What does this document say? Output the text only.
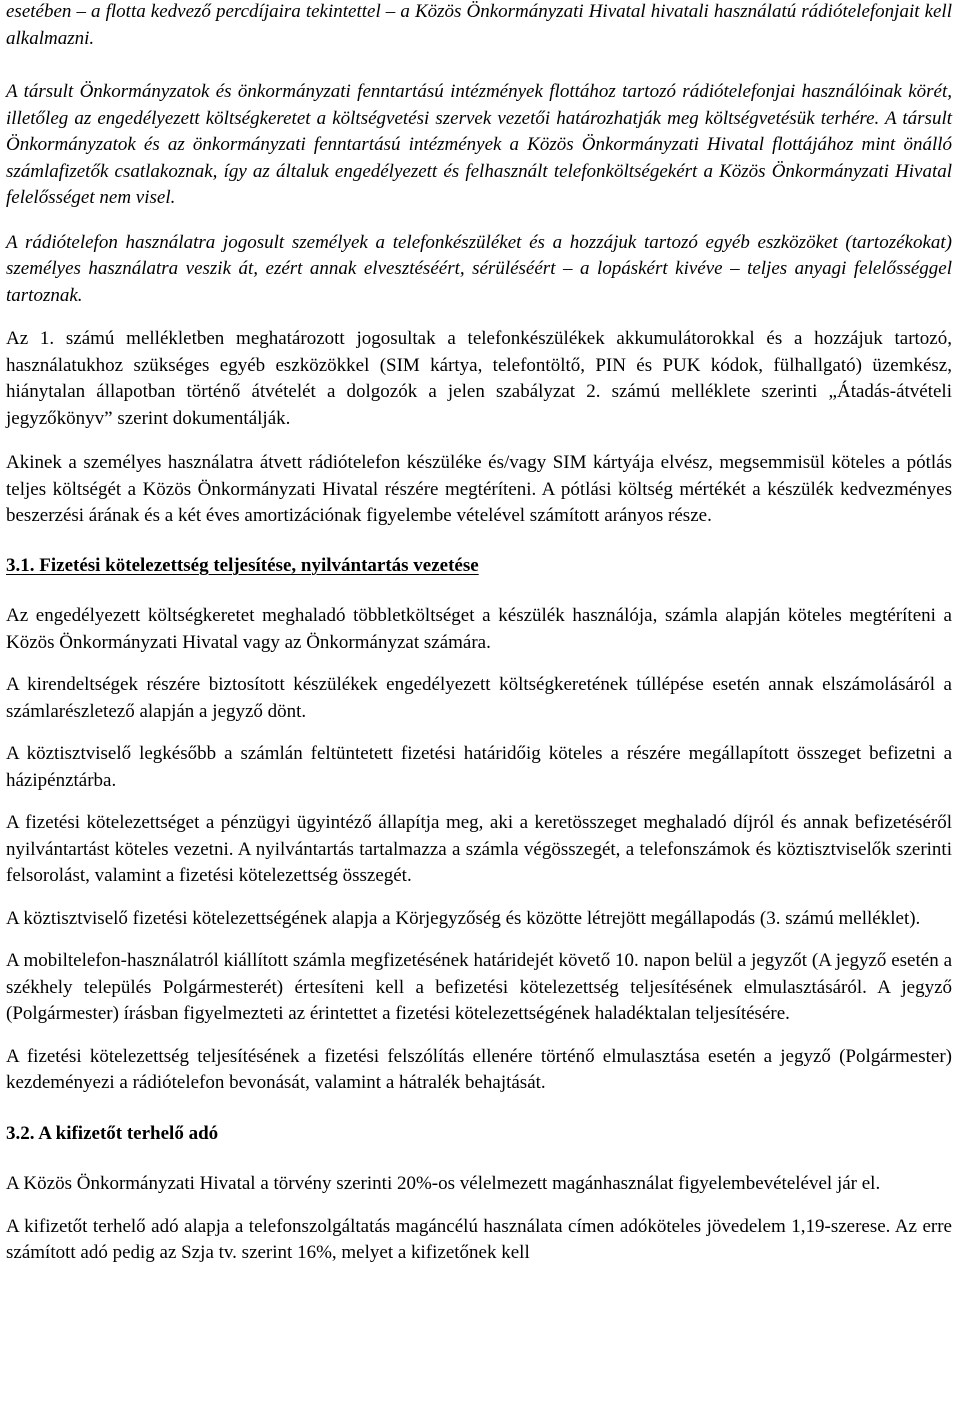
esetében – a flotta kedvező percdíjaira tekintettel – a Közös Önkormányzati Hivatal hivatali használatú rádiótelefonjait kell alkalmazni.

A társult Önkormányzatok és önkormányzati fenntartású intézmények flottához tartozó rádiótelefonjai használóinak körét, illetőleg az engedélyezett költségkeretet a költségvetési szervek vezetői határozhatják meg költségvetésük terhére. A társult Önkormányzatok és az önkormányzati fenntartású intézmények a Közös Önkormányzati Hivatal flottájához mint önálló számlafizetők csatlakoznak, így az általuk engedélyezett és felhasznált telefonköltségekért a Közös Önkormányzati Hivatal felelősséget nem visel.

A rádiótelefon használatra jogosult személyek a telefonkészüléket és a hozzájuk tartozó egyéb eszközöket (tartozékokat) személyes használatra veszik át, ezért annak elvesztéséért, sérüléséért – a lopáskért kivéve – teljes anyagi felelősséggel tartoznak.

Az 1. számú mellékletben meghatározott jogosultak a telefonkészülékek akkumulátorokkal és a hozzájuk tartozó, használatukhoz szükséges egyéb eszközökkel (SIM kártya, telefontöltő, PIN és PUK kódok, fülhallgató) üzemkész, hiánytalan állapotban történő átvételét a dolgozók a jelen szabályzat 2. számú melléklete szerinti „Átadás-átvételi jegyzőkönyv” szerint dokumentálják.

Akinek a személyes használatra átvett rádiótelefon készüléke és/vagy SIM kártyája elvész, megsemmisül köteles a pótlás teljes költségét a Közös Önkormányzati Hivatal részére megtéríteni. A pótlási költség mértékét a készülék kedvezményes beszerzési árának és a két éves amortizációnak figyelembe vételével számított arányos része.

3.1. Fizetési kötelezettség teljesítése, nyilvántartás vezetése

Az engedélyezett költségkeretet meghaladó többletköltséget a készülék használója, számla alapján köteles megtéríteni a Közös Önkormányzati Hivatal vagy az Önkormányzat számára.

A kirendeltségek részére biztosított készülékek engedélyezett költségkeretének túllépése esetén annak elszámolásáról a számlarészletező alapján a jegyző dönt.

A köztisztviselő legkésőbb a számlán feltüntetett fizetési határidőig köteles a részére megállapított összeget befizetni a házipénztárba.

A fizetési kötelezettséget a pénzügyi ügyintéző állapítja meg, aki a keretösszeget meghaladó díjról és annak befizetéséről nyilvántartást köteles vezetni. A nyilvántartás tartalmazza a számla végösszegét, a telefonszámok és köztisztviselők szerinti felsorolást, valamint a fizetési kötelezettség összegét.

A köztisztviselő fizetési kötelezettségének alapja a Körjegyzőség és közötte létrejött megállapodás (3. számú melléklet).

A mobiltelefon-használatról kiállított számla megfizetésének határidejét követő 10. napon belül a jegyzőt (A jegyző esetén a székhely település Polgármesterét) értesíteni kell a befizetési kötelezettség teljesítésének elmulasztásáról. A jegyző (Polgármester) írásban figyelmezteti az érintettet a fizetési kötelezettségének haladéktalan teljesítésére.

A fizetési kötelezettség teljesítésének a fizetési felszólítás ellenére történő elmulasztása esetén a jegyző (Polgármester) kezdeményezi a rádiótelefon bevonását, valamint a hátralék behajtását.

3.2. A kifizetőt terhelő adó

A Közös Önkormányzati Hivatal a törvény szerinti 20%-os vélelmezett magánhasználat figyelembevételével jár el.

A kifizetőt terhelő adó alapja a telefonszolgáltatás magáncélú használata címen adóköteles jövedelem 1,19-szerese. Az erre számított adó pedig az Szja tv. szerint 16%, melyet a kifizetőnek kell
